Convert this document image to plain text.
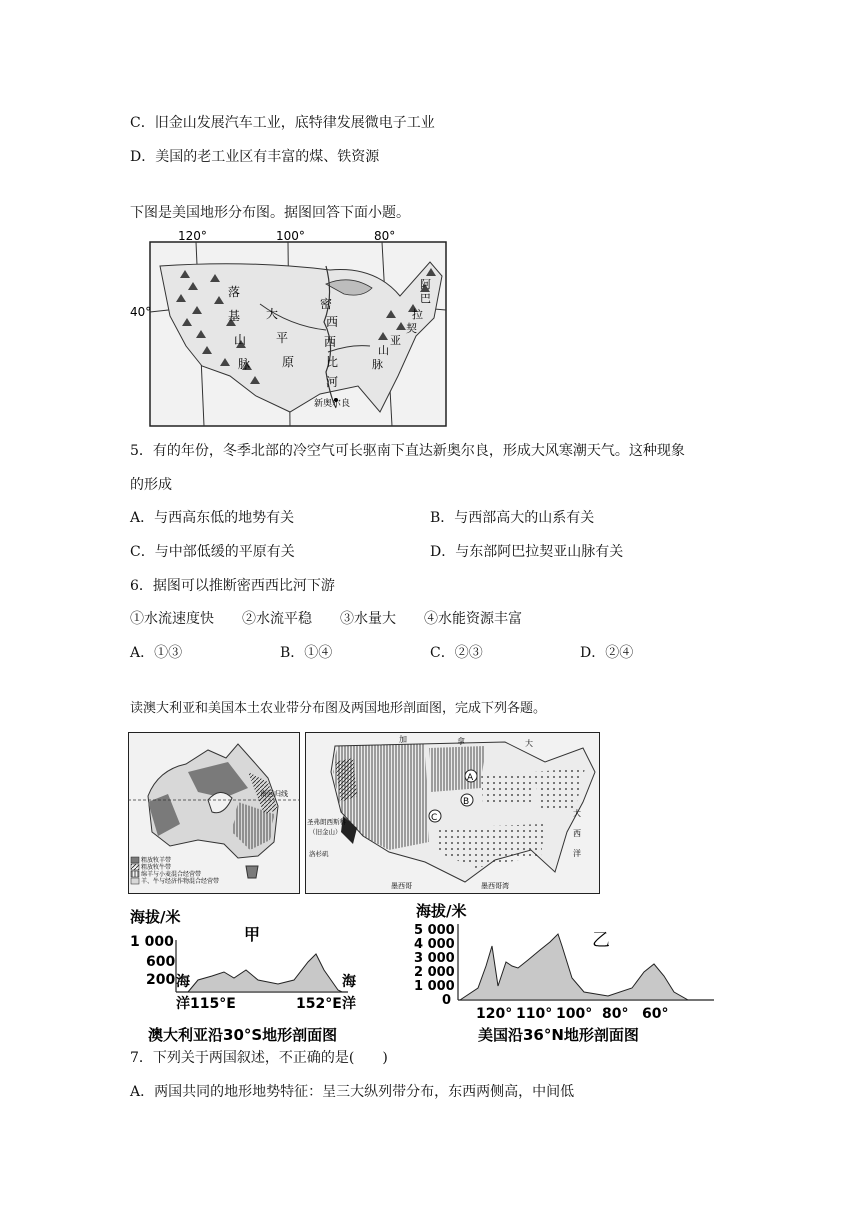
C．旧金山发展汽车工业，底特律发展微电子工业
D．美国的老工业区有丰富的煤、铁资源
下图是美国地形分布图。据图回答下面小题。
120°	100°	80°
40°
落
基
山
脉
大
平
原
密
西
西
比
河
阿
巴
拉
契
亚
山
脉
新奥尔良
5．有的年份，冬季北部的冷空气可长驱南下直达新奥尔良，形成大风寒潮天气。这种现象
的形成
A．与西高东低的地势有关	B．与西部高大的山系有关
C．与中部低缓的平原有关	D．与东部阿巴拉契亚山脉有关
6．据图可以推断密西西比河下游
①水流速度快　　②水流平稳　　③水量大　　④水能资源丰富
A．①③	B．①④	C．②③	D．②④
读澳大利亚和美国本土农业带分布图及两国地形剖面图，完成下列各题。
南回归线
粗放牧羊带
粗放牧牛带
绵羊与小麦混合经营带
羊、牛与经济作物混合经营带
加	拿	大
大
西
洋
圣弗朗西斯科
（旧金山）
洛杉矶
墨西哥	墨西哥湾
A
B
C
海拔/米
1 000
600
200
甲
海
洋
海
洋
115°E	152°E
澳大利亚沿30°S地形剖面图
海拔/米
5 000
4 000
3 000
2 000
1 000
0
乙
120° 110° 100° 80° 60°
美国沿36°N地形剖面图
7．下列关于两国叙述，不正确的是(　　)
A．两国共同的地形地势特征：呈三大纵列带分布，东西两侧高，中间低
